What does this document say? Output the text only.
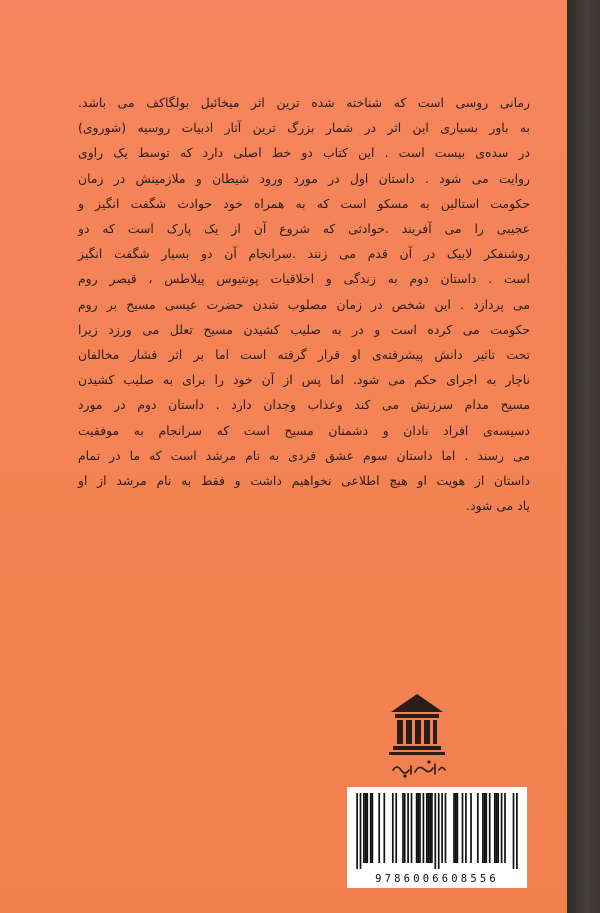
رمانی روسی است که شناخته شده ترین اثر میخائیل بولگاکف می باشد.
به باور بسیاری این اثر در شمار بزرگ ترین آثار ادبیات روسیه (شوروی)
در سده‌ی بیست است . این کتاب دو خط اصلی دارد که توسط یک راوی
روایت می شود . داستان اول در مورد ورود شیطان و ملازمینش در زمان
حکومت استالین به مسکو است که به همراه خود حوادث شگفت انگیز و
عجیبی را می آفریند .حوادثی که شروع آن از یک پارک است که دو
روشنفکر لاییک در آن قدم می زنند .سرانجام آن دو بسیار شگفت انگیز
است . داستان دوم به زندگی و اخلاقیات پونتیوس پیلاطس ، قیصر روم
می پردازد . این شخص در زمان مصلوب شدن حضرت عیسی مسیح بر روم
حکومت می کرده است و در به صلیب کشیدن مسیح تعلل می ورزد زیرا
تحت تاثیر دانش پیشرفته‌ی او قرار گرفته است اما بر اثر فشار مخالفان
ناچار به اجرای حکم می شود. اما پس از آن خود را برای به صلیب کشیدن
مسیح مدام سرزنش می کند وعذاب وجدان دارد . داستان دوم در مورد
دسیسه‌ی افراد نادان و دشمنان مسیح است که سرانجام به موفقیت
می رسند . اما داستان سوم عشق فردی به نام مرشد است که ما در تمام
داستان از هویت او هیچ اطلاعی نخواهیم داشت و فقط به نام مرشد از او
یاد می شود.
9786006608556
